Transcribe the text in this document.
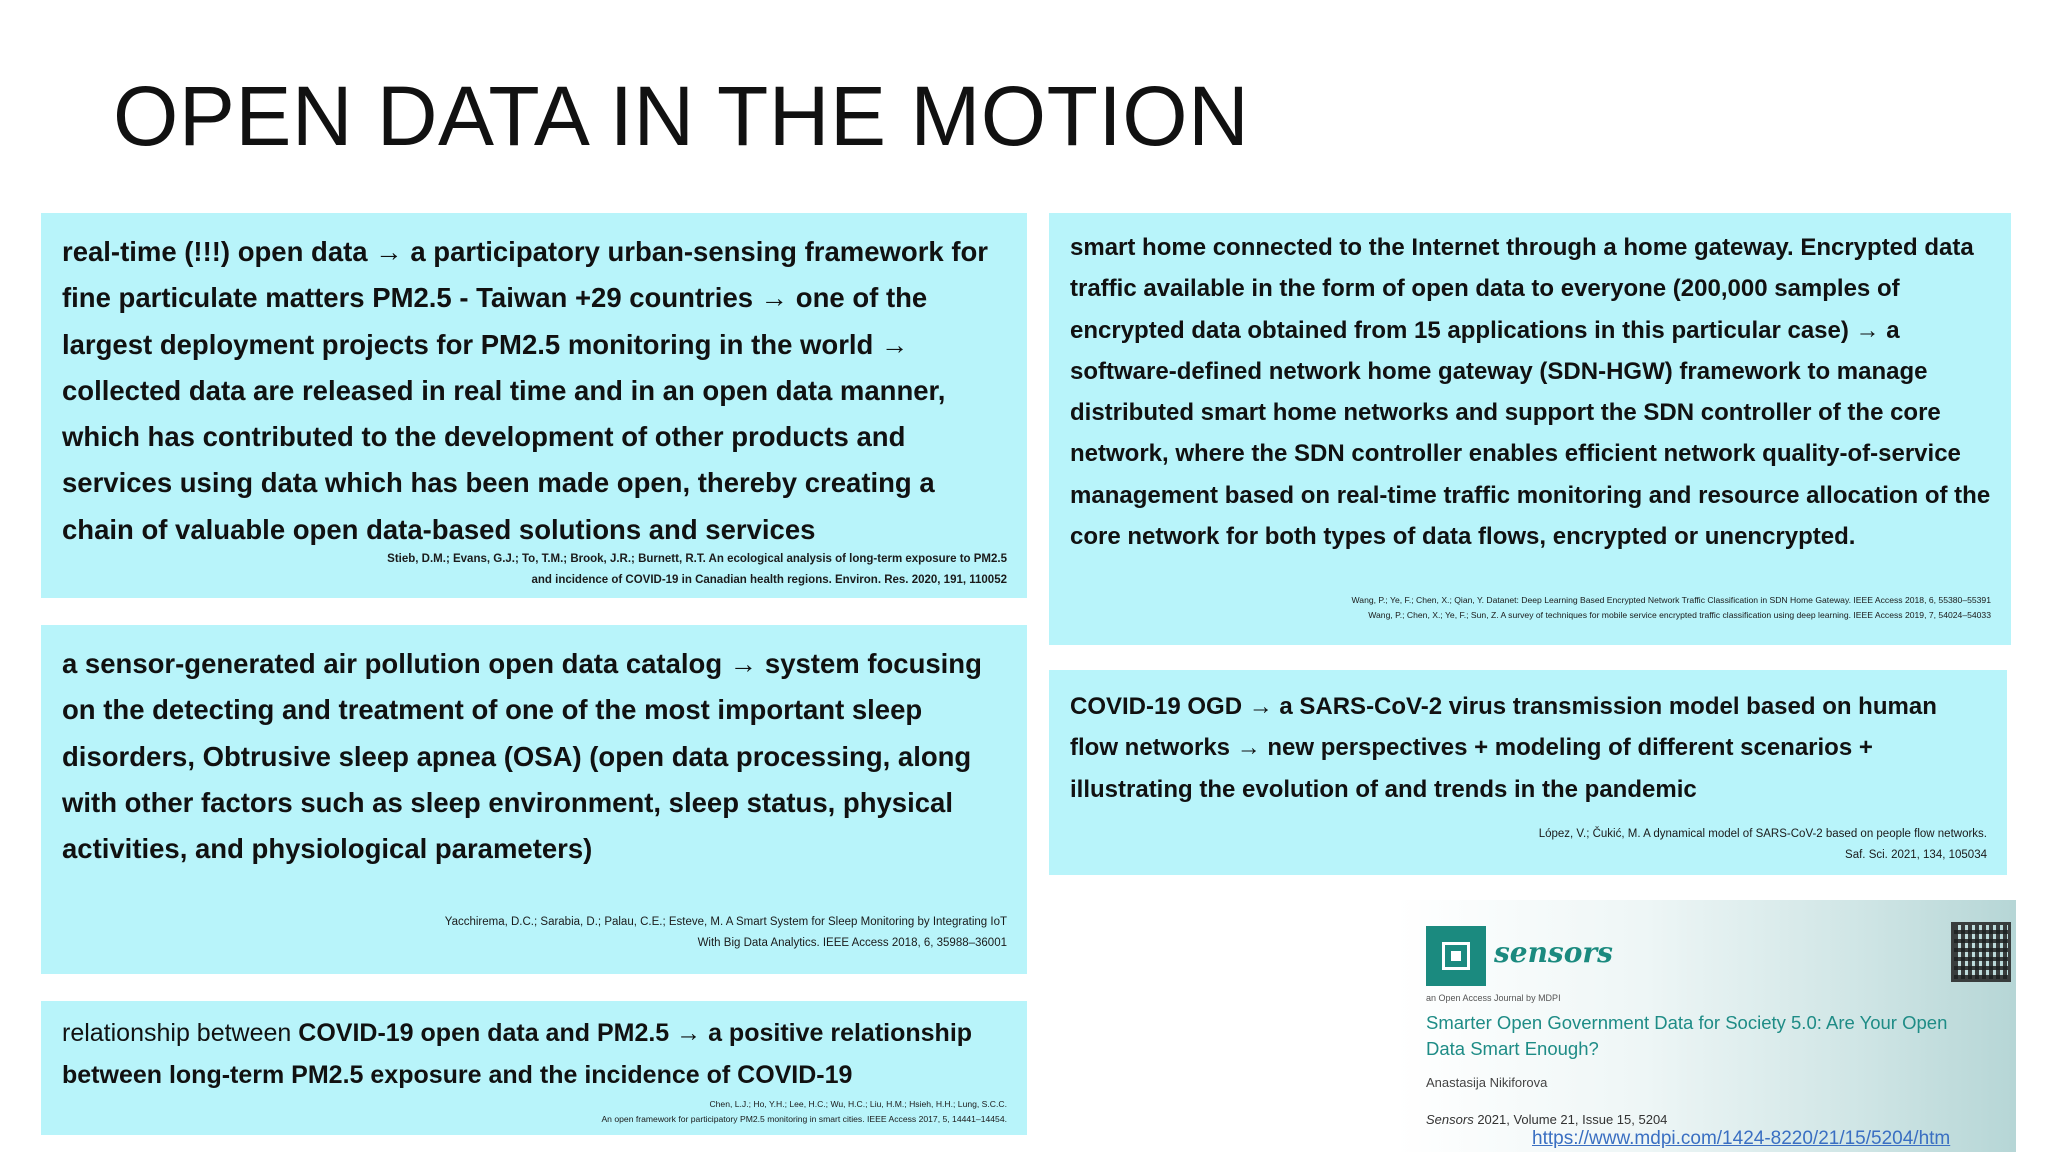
OPEN DATA IN THE MOTION

real-time (!!!) open data → a participatory urban-sensing framework for fine particulate matters PM2.5 - Taiwan +29 countries → one of the largest deployment projects for PM2.5 monitoring in the world → collected data are released in real time and in an open data manner, which has contributed to the development of other products and services using data which has been made open, thereby creating a chain of valuable open data-based solutions and services

Stieb, D.M.; Evans, G.J.; To, T.M.; Brook, J.R.; Burnett, R.T. An ecological analysis of long-term exposure to PM2.5
and incidence of COVID-19 in Canadian health regions. Environ. Res. 2020, 191, 110052

a sensor-generated air pollution open data catalog → system focusing on the detecting and treatment of one of the most important sleep disorders, Obtrusive sleep apnea (OSA) (open data processing, along with other factors such as sleep environment, sleep status, physical activities, and physiological parameters)

Yacchirema, D.C.; Sarabia, D.; Palau, C.E.; Esteve, M. A Smart System for Sleep Monitoring by Integrating IoT
With Big Data Analytics. IEEE Access 2018, 6, 35988–36001

relationship between COVID-19 open data and PM2.5 → a positive relationship between long-term PM2.5 exposure and the incidence of COVID-19

Chen, L.J.; Ho, Y.H.; Lee, H.C.; Wu, H.C.; Liu, H.M.; Hsieh, H.H.; Lung, S.C.C.
An open framework for participatory PM2.5 monitoring in smart cities. IEEE Access 2017, 5, 14441–14454.

smart home connected to the Internet through a home gateway. Encrypted data traffic available in the form of open data to everyone (200,000 samples of encrypted data obtained from 15 applications in this particular case) → a software-defined network home gateway (SDN-HGW) framework to manage distributed smart home networks and support the SDN controller of the core network, where the SDN controller enables efficient network quality-of-service management based on real-time traffic monitoring and resource allocation of the core network for both types of data flows, encrypted or unencrypted.

Wang, P.; Ye, F.; Chen, X.; Qian, Y. Datanet: Deep Learning Based Encrypted Network Traffic Classification in SDN Home Gateway. IEEE Access 2018, 6, 55380–55391
Wang, P.; Chen, X.; Ye, F.; Sun, Z. A survey of techniques for mobile service encrypted traffic classification using deep learning. IEEE Access 2019, 7, 54024–54033

COVID-19 OGD → a SARS-CoV-2 virus transmission model based on human flow networks → new perspectives + modeling of different scenarios + illustrating the evolution of and trends in the pandemic

López, V.; Čukić, M. A dynamical model of SARS-CoV-2 based on people flow networks.
Saf. Sci. 2021, 134, 105034
sensors
an Open Access Journal by MDPI
Smarter Open Government Data for Society 5.0: Are Your Open Data Smart Enough?
Anastasija Nikiforova
Sensors 2021, Volume 21, Issue 15, 5204
https://www.mdpi.com/1424-8220/21/15/5204/htm
